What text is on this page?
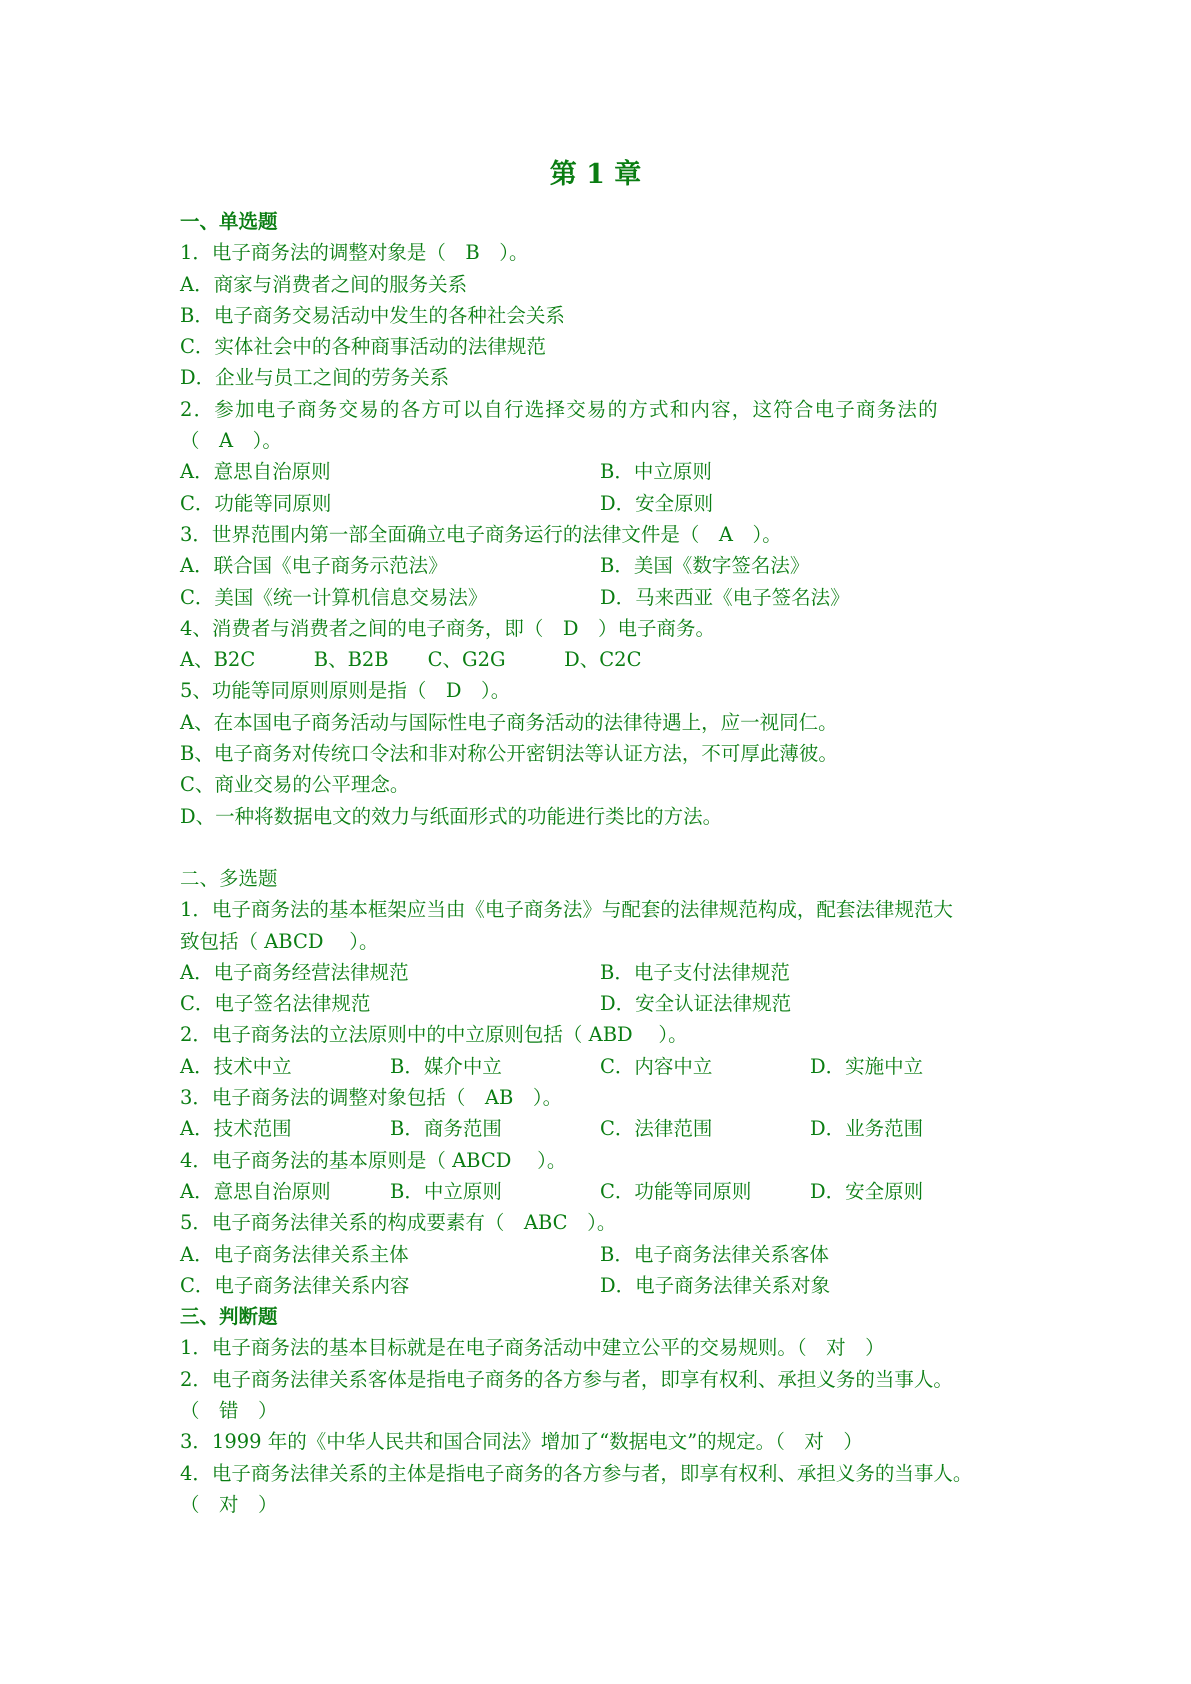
第 1 章
一、单选题
1．电子商务法的调整对象是（　B　）。
A．商家与消费者之间的服务关系
B．电子商务交易活动中发生的各种社会关系
C．实体社会中的各种商事活动的法律规范
D．企业与员工之间的劳务关系
2．参加电子商务交易的各方可以自行选择交易的方式和内容，这符合电子商务法的
（　A　）。
A．意思自治原则	B．中立原则
C．功能等同原则	D．安全原则
3．世界范围内第一部全面确立电子商务运行的法律文件是（　A　）。
A．联合国《电子商务示范法》	B．美国《数字签名法》
C．美国《统一计算机信息交易法》	D．马来西亚《电子签名法》
4、消费者与消费者之间的电子商务，即（　D　）电子商务。
A、B2C　　　B、B2B　　C、G2G　　　D、C2C
5、功能等同原则原则是指（　D　）。
A、在本国电子商务活动与国际性电子商务活动的法律待遇上，应一视同仁。
B、电子商务对传统口令法和非对称公开密钥法等认证方法，不可厚此薄彼。
C、商业交易的公平理念。
D、一种将数据电文的效力与纸面形式的功能进行类比的方法。
二、多选题
1．电子商务法的基本框架应当由《电子商务法》与配套的法律规范构成，配套法律规范大
致包括（ ABCD　 ）。
A．电子商务经营法律规范	B．电子支付法律规范
C．电子签名法律规范	D．安全认证法律规范
2．电子商务法的立法原则中的中立原则包括（ ABD　 ）。
A．技术中立	B．媒介中立	C．内容中立	D．实施中立
3．电子商务法的调整对象包括（　AB　）。
A．技术范围	B．商务范围	C．法律范围	D．业务范围
4．电子商务法的基本原则是（ ABCD　 ）。
A．意思自治原则	B．中立原则	C．功能等同原则	D．安全原则
5．电子商务法律关系的构成要素有（　ABC　）。
A．电子商务法律关系主体	B．电子商务法律关系客体
C．电子商务法律关系内容	D．电子商务法律关系对象
三、判断题
1．电子商务法的基本目标就是在电子商务活动中建立公平的交易规则。（　对　）
2．电子商务法律关系客体是指电子商务的各方参与者，即享有权利、承担义务的当事人。
（　错　）
3．1999 年的《中华人民共和国合同法》增加了“数据电文”的规定。（　对　）
4．电子商务法律关系的主体是指电子商务的各方参与者，即享有权利、承担义务的当事人。
（　对　）
